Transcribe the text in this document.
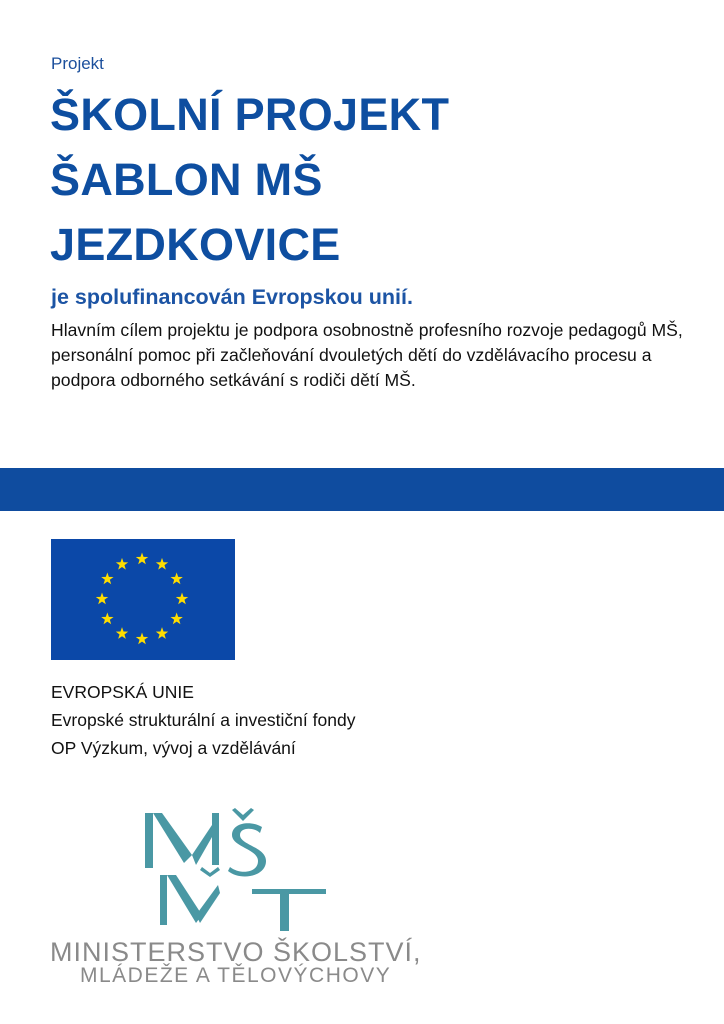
Projekt
ŠKOLNÍ PROJEKT
ŠABLON MŠ
JEZDKOVICE
je spolufinancován Evropskou unií.
Hlavním cílem projektu je podpora osobnostně profesního rozvoje pedagogů MŠ, personální pomoc při začleňování dvouletých dětí do vzdělávacího procesu a podpora odborného setkávání s rodiči dětí MŠ.
EVROPSKÁ UNIE
Evropské strukturální a investiční fondy
OP Výzkum, vývoj a vzdělávání
MINISTERSTVO ŠKOLSTVÍ,
MLÁDEŽE A TĚLOVÝCHOVY
